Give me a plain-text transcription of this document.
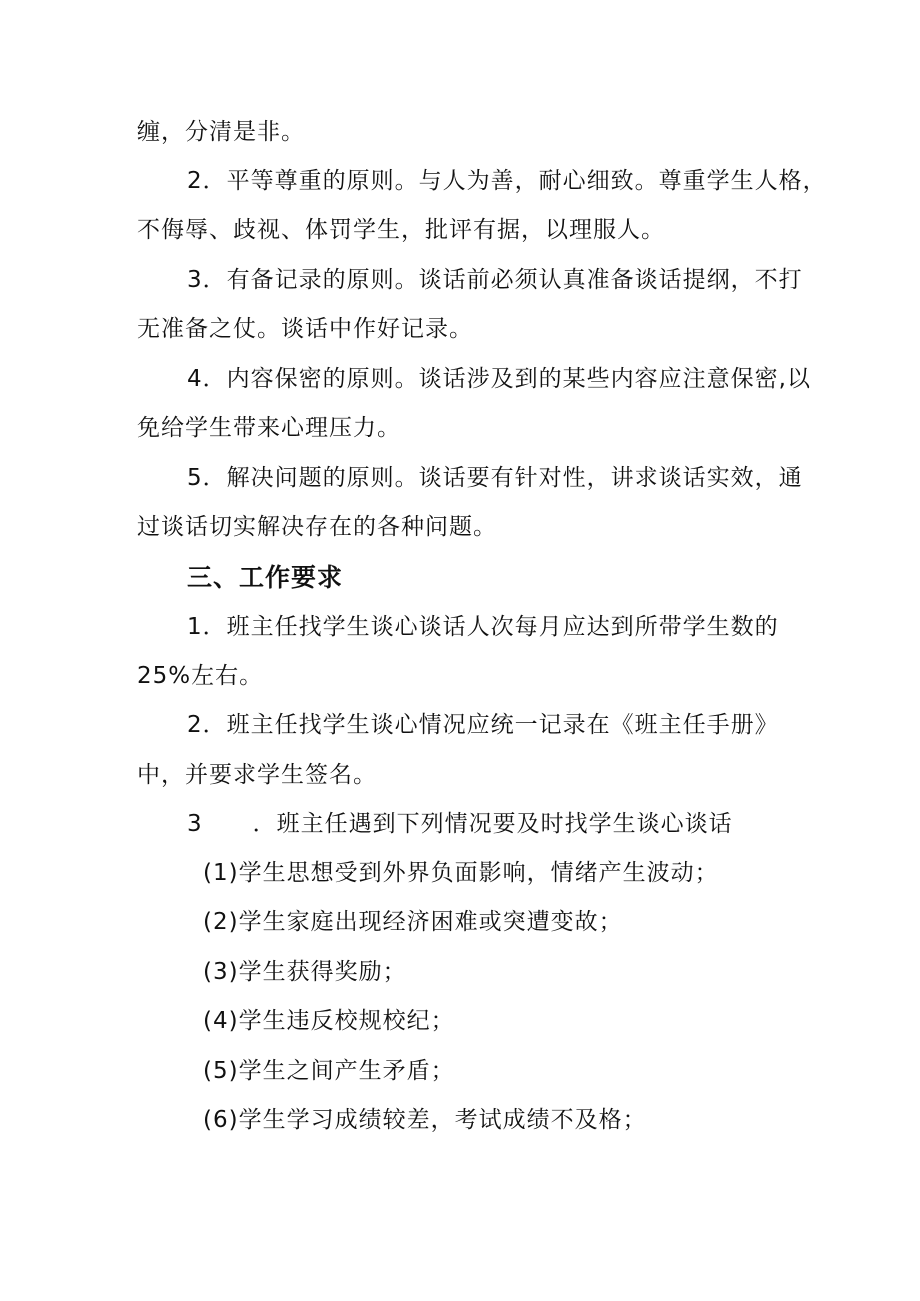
缠，分清是非。
2．平等尊重的原则。与人为善，耐心细致。尊重学生人格，
不侮辱、歧视、体罚学生，批评有据，以理服人。
3．有备记录的原则。谈话前必须认真准备谈话提纲，不打
无准备之仗。谈话中作好记录。
4．内容保密的原则。谈话涉及到的某些内容应注意保密,以
免给学生带来心理压力。
5．解决问题的原则。谈话要有针对性，讲求谈话实效，通
过谈话切实解决存在的各种问题。
三、工作要求
1．班主任找学生谈心谈话人次每月应达到所带学生数的
25%左右。
2．班主任找学生谈心情况应统一记录在《班主任手册》
中，并要求学生签名。
3 ．班主任遇到下列情况要及时找学生谈心谈话
(1)学生思想受到外界负面影响，情绪产生波动；
(2)学生家庭出现经济困难或突遭变故；
(3)学生获得奖励；
(4)学生违反校规校纪；
(5)学生之间产生矛盾；
(6)学生学习成绩较差，考试成绩不及格；
